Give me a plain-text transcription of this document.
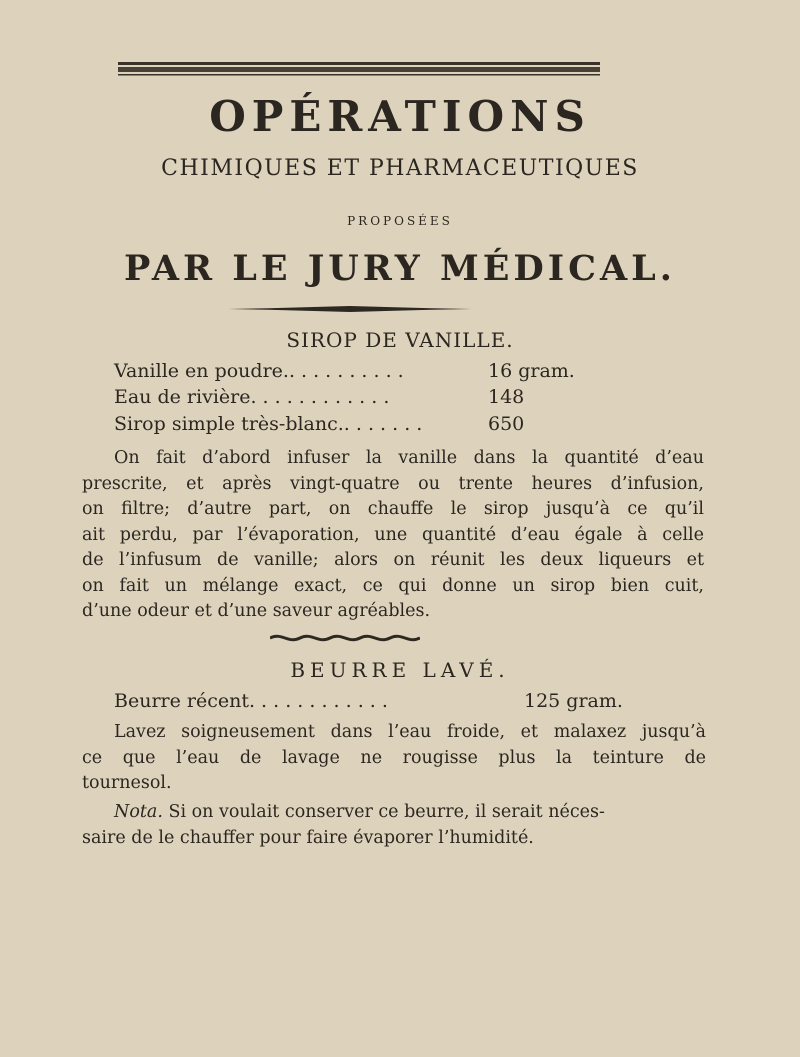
OPÉRATIONS
CHIMIQUES ET PHARMACEUTIQUES
PROPOSÉES
PAR LE JURY MÉDICAL.
SIROP DE VANILLE.
Vanille en poudre.. . . . . . . . . .	16 gram.
Eau de rivière. . . . . . . . . . . .	148
Sirop simple très-blanc.. . . . . . .	650
On fait d’abord infuser la vanille dans la quantité d’eau
prescrite, et après vingt-quatre ou trente heures d’infusion,
on filtre; d’autre part, on chauffe le sirop jusqu’à ce qu’il
ait perdu, par l’évaporation, une quantité d’eau égale à celle
de l’infusum de vanille; alors on réunit les deux liqueurs et
on fait un mélange exact, ce qui donne un sirop bien cuit,
d’une odeur et d’une saveur agréables.
BEURRE LAVÉ.
Beurre récent. . . . . . . . . . . .	125 gram.
Lavez soigneusement dans l’eau froide, et malaxez jusqu’à
ce que l’eau de lavage ne rougisse plus la teinture de
tournesol.
Nota. Si on voulait conserver ce beurre, il serait néces-
saire de le chauffer pour faire évaporer l’humidité.
